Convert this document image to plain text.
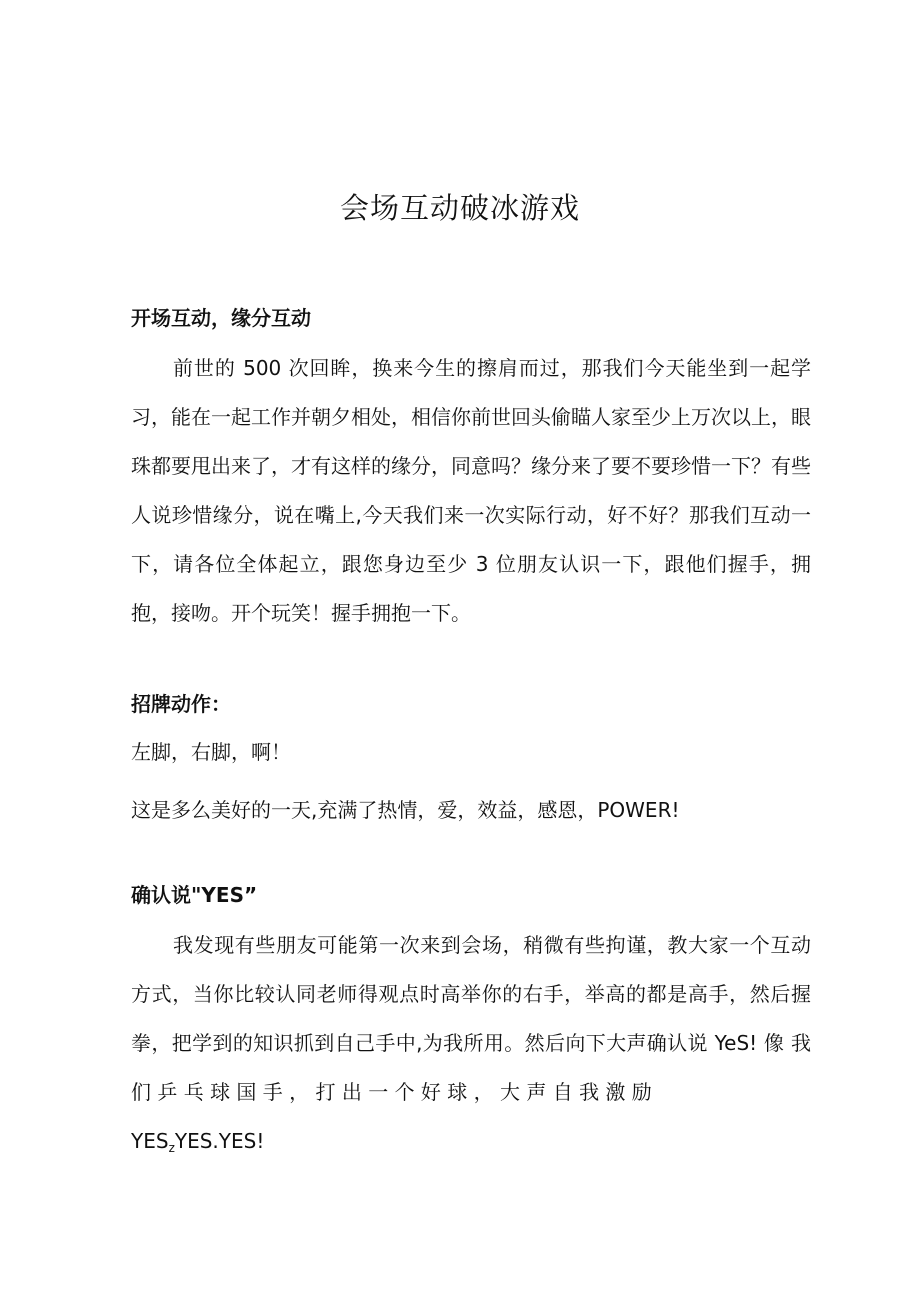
会场互动破冰游戏

开场互动，缘分互动

前世的 500 次回眸，换来今生的擦肩而过，那我们今天能坐到一起学习，能在一起工作并朝夕相处，相信你前世回头偷瞄人家至少上万次以上，眼珠都要甩出来了，才有这样的缘分，同意吗？缘分来了要不要珍惜一下？有些人说珍惜缘分，说在嘴上,今天我们来一次实际行动，好不好？那我们互动一下，请各位全体起立，跟您身边至少 3 位朋友认识一下，跟他们握手，拥抱，接吻。开个玩笑！握手拥抱一下。

招牌动作：

左脚，右脚，啊！

这是多么美好的一天,充满了热情，爱，效益，感恩，POWER!

确认说"YES”

我发现有些朋友可能第一次来到会场，稍微有些拘谨，教大家一个互动方式，当你比较认同老师得观点时高举你的右手，举高的都是高手，然后握拳，把学到的知识抓到自己手中,为我所用。然后向下大声确认说 YeS! 像 我 们 乒 乓 球 国 手 ， 打 出 一 个 好 球 ， 大 声 自 我 激 励

$YES_zYES.YES$!
